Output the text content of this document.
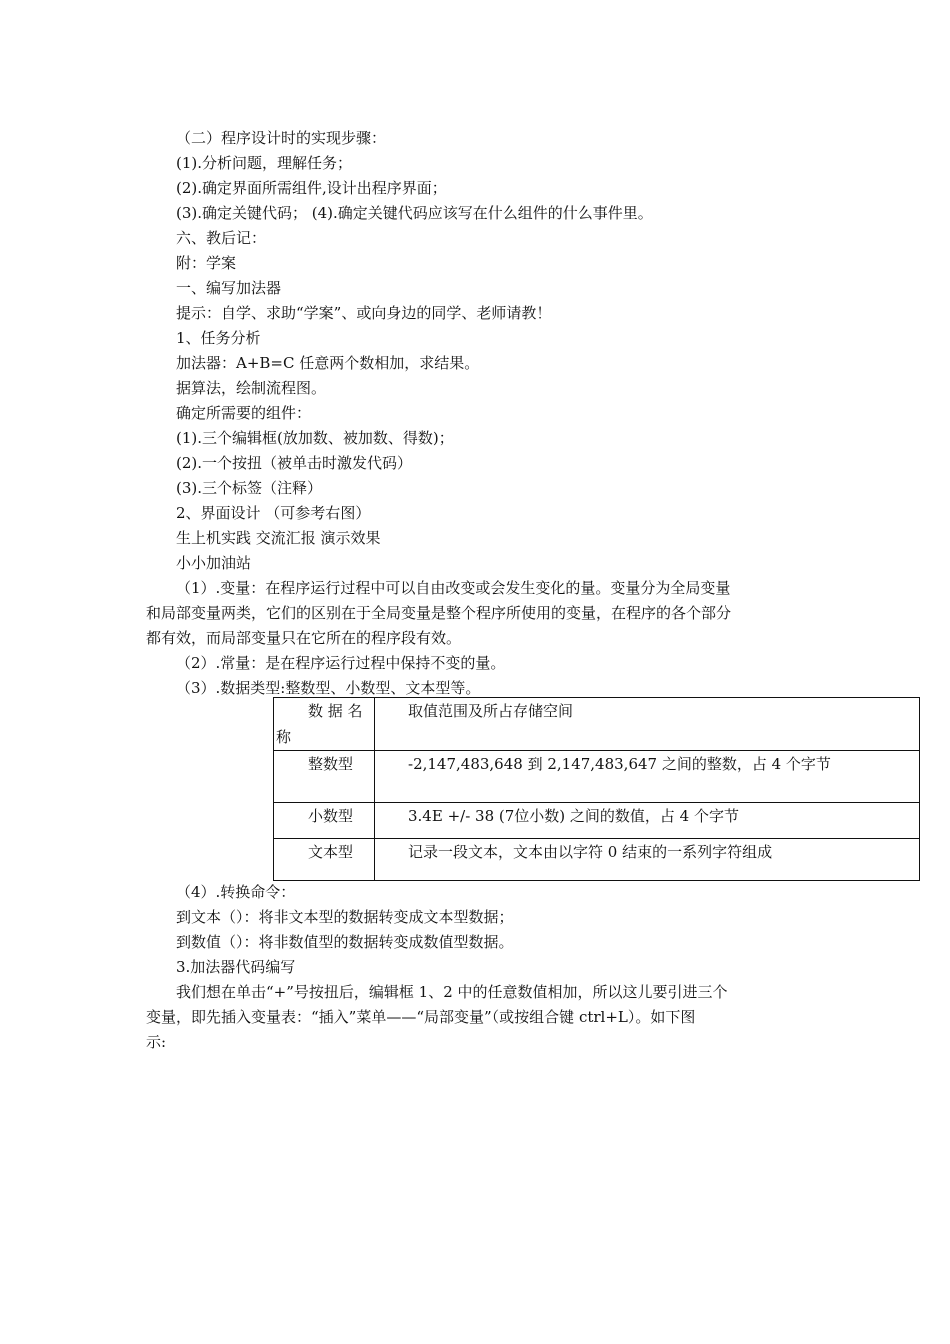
（二）程序设计时的实现步骤：
(1).分析问题，理解任务；
(2).确定界面所需组件,设计出程序界面；
(3).确定关键代码； (4).确定关键代码应该写在什么组件的什么事件里。
六、教后记：
附：学案
一、编写加法器
提示：自学、求助“学案”、或向身边的同学、老师请教！
1、任务分析
加法器：A+B=C 任意两个数相加，求结果。
据算法，绘制流程图。
确定所需要的组件：
(1).三个编辑框(放加数、被加数、得数)；
(2).一个按扭（被单击时激发代码）
(3).三个标签（注释）
2、界面设计 （可参考右图）
生上机实践 交流汇报 演示效果
小小加油站
（1）.变量：在程序运行过程中可以自由改变或会发生变化的量。变量分为全局变量
和局部变量两类，它们的区别在于全局变量是整个程序所使用的变量，在程序的各个部分
都有效，而局部变量只在它所在的程序段有效。
（2）.常量：是在程序运行过程中保持不变的量。
（3）.数据类型:整数型、小数型、文本型等。
数 据 名
称	取值范围及所占存储空间

整数型	-2,147,483,648 到 2,147,483,647 之间的整数，占 4 个字节

小数型	3.4E +/- 38 (7位小数) 之间的数值，占 4 个字节

文本型	记录一段文本，文本由以字符 0 结束的一系列字符组成
（4）.转换命令：
到文本（）：将非文本型的数据转变成文本型数据；
到数值（）：将非数值型的数据转变成数值型数据。
3.加法器代码编写
我们想在单击“+”号按扭后，编辑框 1、2 中的任意数值相加，所以这儿要引进三个
变量，即先插入变量表：“插入”菜单——“局部变量”（或按组合键 ctrl+L）。如下图
示:
